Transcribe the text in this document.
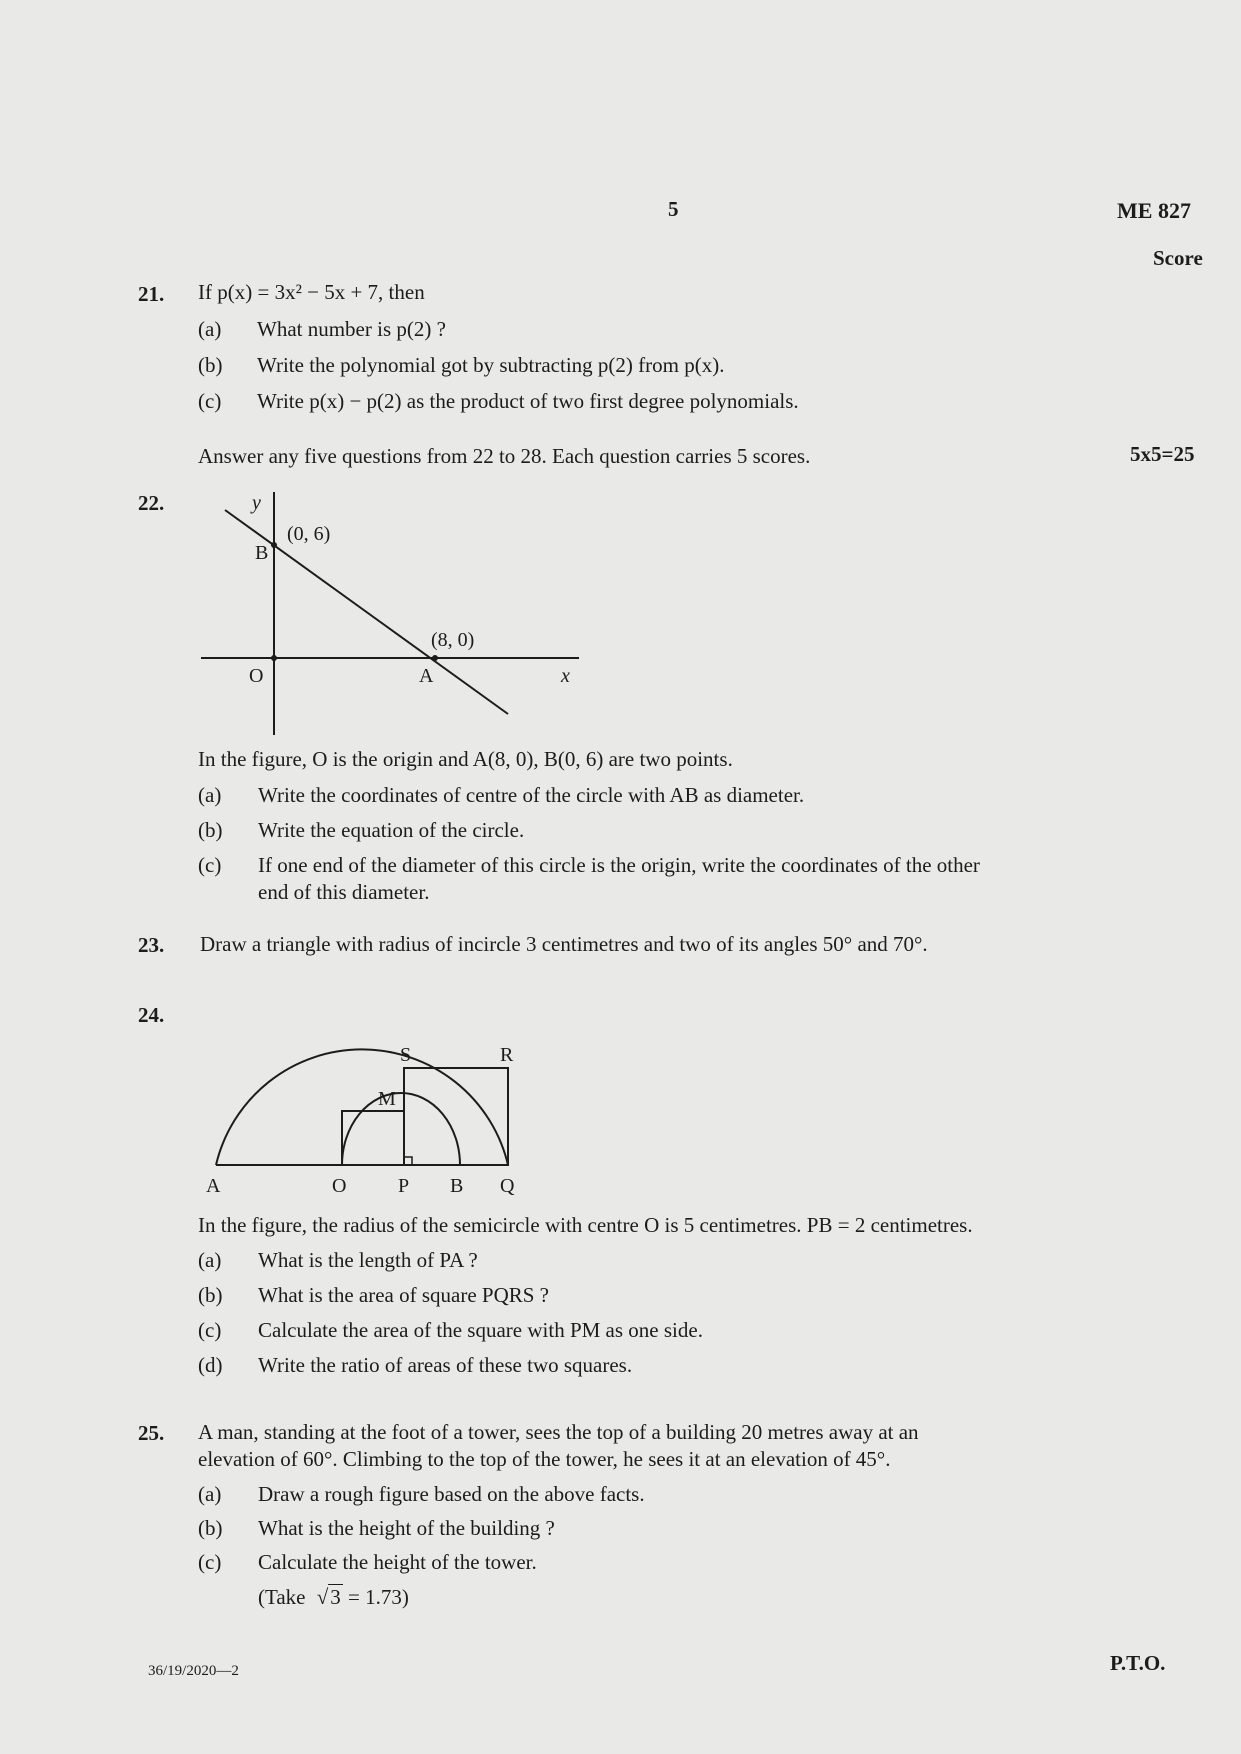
5	ME 827
Score
21. If p(x) = 3x² − 5x + 7, then
(a) What number is p(2) ?
(b) Write the polynomial got by subtracting p(2) from p(x).
(c) Write p(x) − p(2) as the product of two first degree polynomials.
Answer any five questions from 22 to 28. Each question carries 5 scores.	5x5=25
22.	y
B
(0, 6)
(8, 0)
O	A	x
In the figure, O is the origin and A(8, 0), B(0, 6) are two points.
(a) Write the coordinates of centre of the circle with AB as diameter.
(b) Write the equation of the circle.
(c) If one end of the diameter of this circle is the origin, write the coordinates of the other
end of this diameter.
23. Draw a triangle with radius of incircle 3 centimetres and two of its angles 50° and 70°.
24.
S	R
M
A	O	P B Q
In the figure, the radius of the semicircle with centre O is 5 centimetres. PB = 2 centimetres.
(a) What is the length of PA ?
(b) What is the area of square PQRS ?
(c) Calculate the area of the square with PM as one side.
(d) Write the ratio of areas of these two squares.
25. A man, standing at the foot of a tower, sees the top of a building 20 metres away at an
elevation of 60°. Climbing to the top of the tower, he sees it at an elevation of 45°.
(a) Draw a rough figure based on the above facts.
(b) What is the height of the building ?
(c) Calculate the height of the tower.
(Take √3 = 1.73)
36/19/2020—2	P.T.O.
